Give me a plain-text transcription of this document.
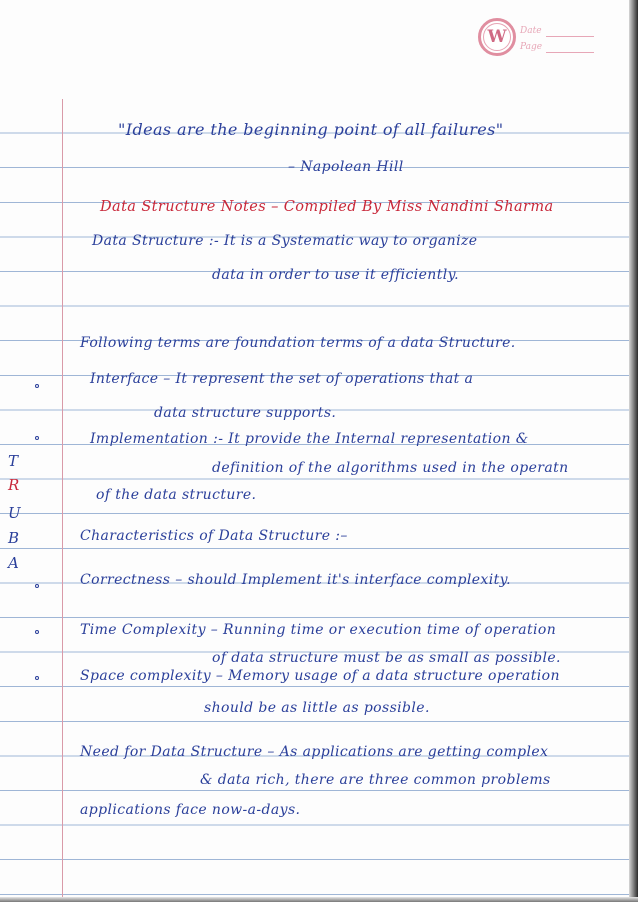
W Date
Page
"Ideas are the beginning point of all failures"
– Napolean Hill
Data Structure Notes – Compiled By Miss Nandini Sharma
Data Structure :- It is a Systematic way to organize
data in order to use it efficiently.
Following terms are foundation terms of a data Structure.
Interface – It represent the set of operations that a
data structure supports.
Implementation :- It provide the Internal representation &
definition of the algorithms used in the operatn
of the data structure.
T
R
U
B
A
Characteristics of Data Structure :–
Correctness – should Implement it's interface complexity.
Time Complexity – Running time or execution time of operation
of data structure must be as small as possible.
Space complexity – Memory usage of a data structure operation
should be as little as possible.
Need for Data Structure – As applications are getting complex
& data rich, there are three common problems
applications face now-a-days.
